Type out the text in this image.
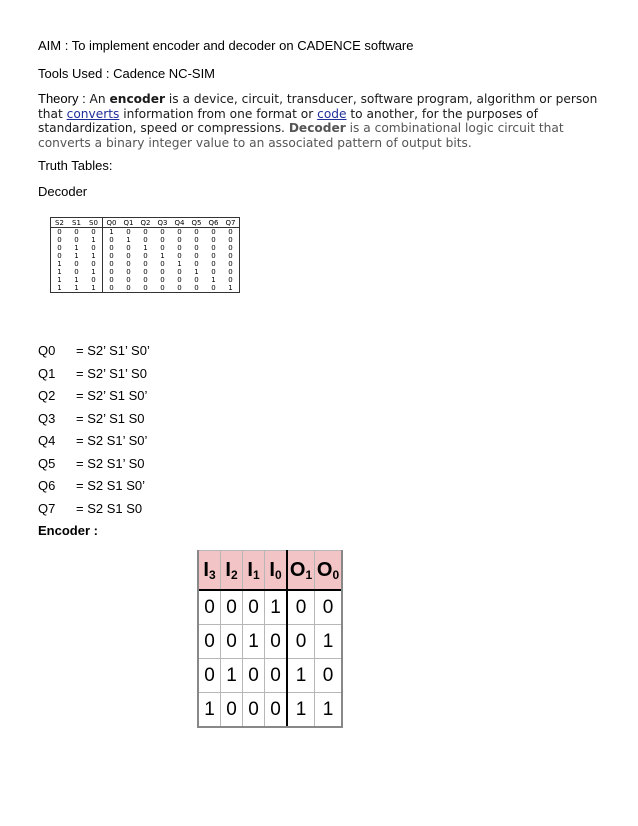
AIM : To implement encoder and decoder on CADENCE software
Tools Used : Cadence NC-SIM
Theory : An encoder is a device, circuit, transducer, software program, algorithm or person that converts information from one format or code to another, for the purposes of standardization, speed or compressions. Decoder is a combinational logic circuit that converts a binary integer value to an associated pattern of output bits.
Truth Tables:
Decoder
S2	S1	S0	Q0	Q1	Q2	Q3	Q4	Q5	Q6	Q7
0	0	0	1	0	0	0	0	0	0	0
0	0	1	0	1	0	0	0	0	0	0
0	1	0	0	0	1	0	0	0	0	0
0	1	1	0	0	0	1	0	0	0	0
1	0	0	0	0	0	0	1	0	0	0
1	0	1	0	0	0	0	0	1	0	0
1	1	0	0	0	0	0	0	0	1	0
1	1	1	0	0	0	0	0	0	0	1
Q0 = S2’ S1’ S0’
Q1 = S2’ S1’ S0
Q2 = S2’ S1 S0’
Q3 = S2’ S1 S0
Q4 = S2 S1’ S0’
Q5 = S2 S1’ S0
Q6 = S2 S1 S0’
Q7 = S2 S1 S0
Encoder :
$I_3$	$I_2$	$I_1$	$I_0$	$O_1$	$O_0$
0	0	0	1	0	0
0	0	1	0	0	1
0	1	0	0	1	0
1	0	0	0	1	1
